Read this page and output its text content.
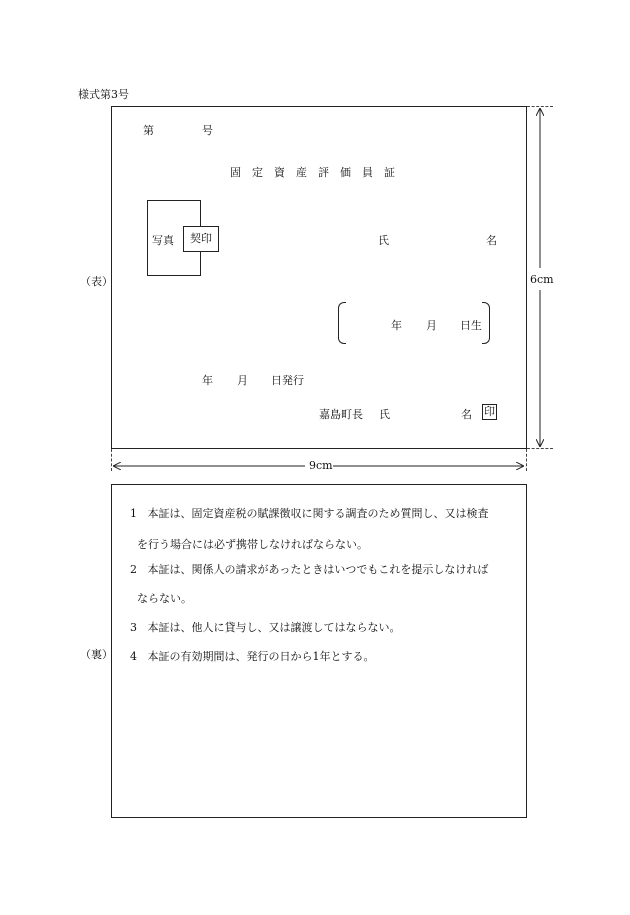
様式第3号
（表）
第	号
固定資産評価員証
写真	契印	氏	名
年 月 日生
年 月 日発行
嘉島町長 氏	名 印
6cm
9cm
（裏）
1 本証は、固定資産税の賦課徴収に関する調査のため質問し、又は検査
を行う場合には必ず携帯しなければならない。
2 本証は、関係人の請求があったときはいつでもこれを提示しなければ
ならない。
3 本証は、他人に貸与し、又は譲渡してはならない。
4 本証の有効期間は、発行の日から1年とする。
